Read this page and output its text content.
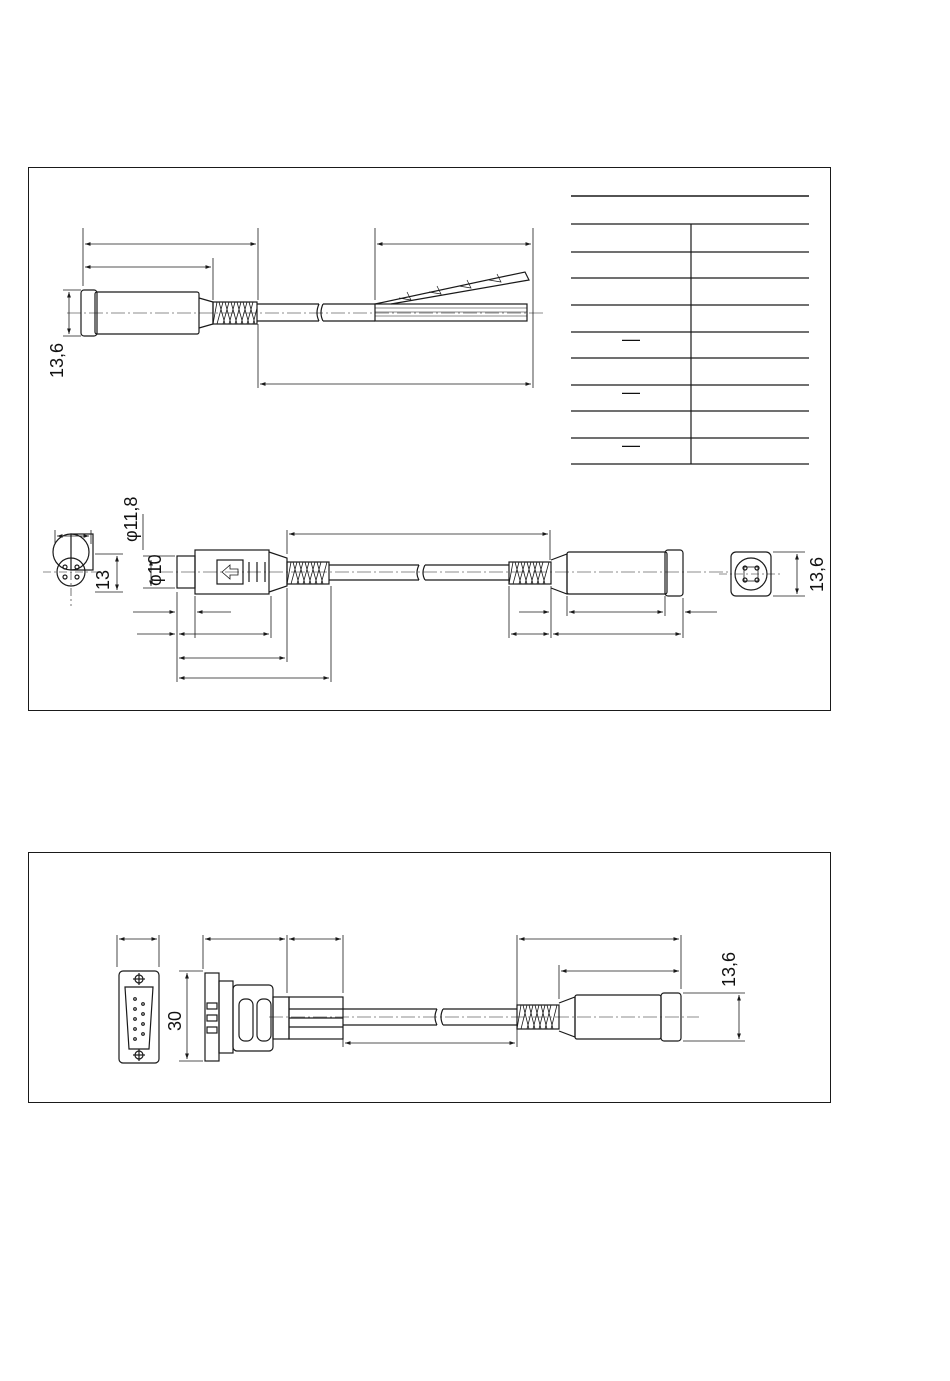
—
—
—
13,6
φ11,8
φ10
13	13,6
30
13,6
